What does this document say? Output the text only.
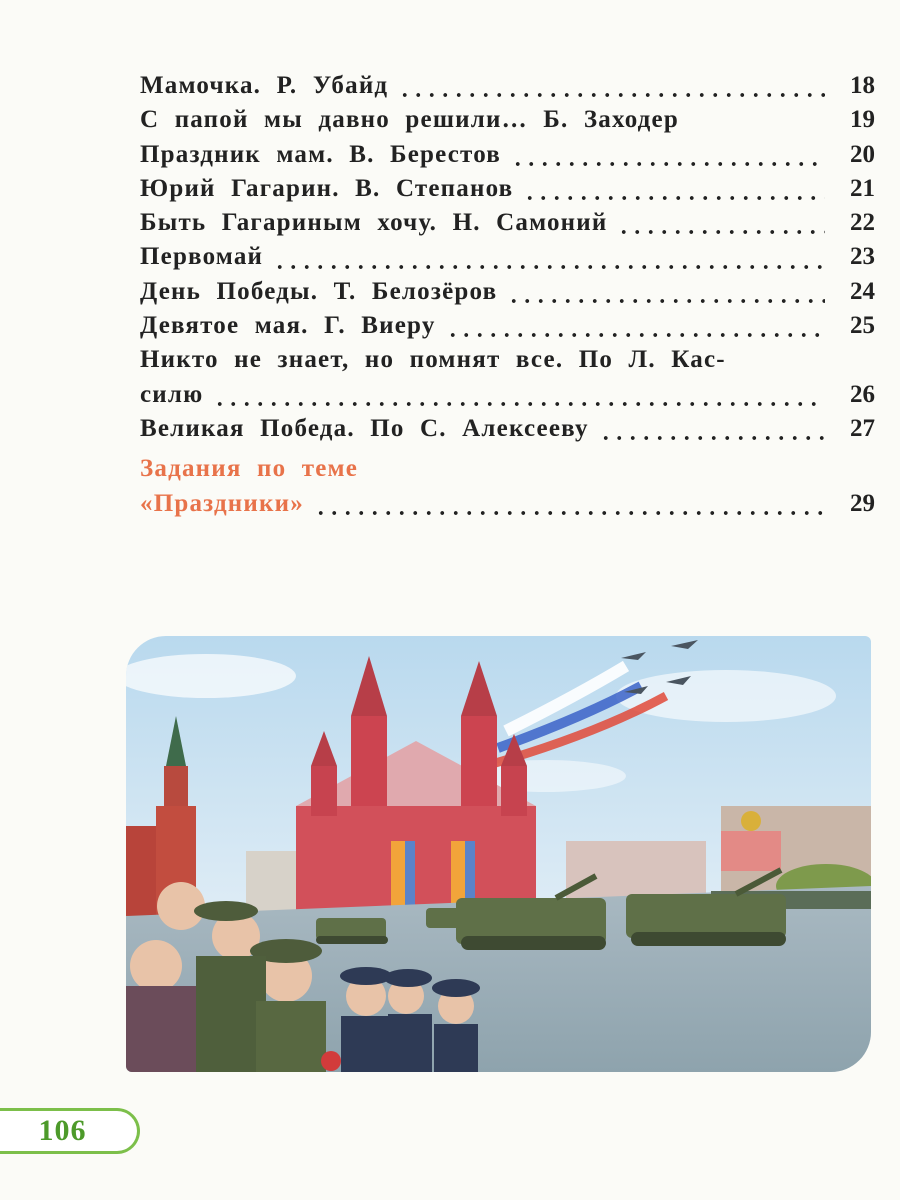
Мамочка. Р. Убайд	18
С папой мы давно решили… Б. Заходер	19
Праздник мам. В. Берестов	20
Юрий Гагарин. В. Степанов	21
Быть Гагариным хочу. Н. Самоний	22
Первомай	23
День Победы. Т. Белозёров	24
Девятое мая. Г. Виеру	25
Никто не знает, но помнят все. По Л. Кас-
силю	26
Великая Победа. По С. Алексееву	27
Задания по теме
«Праздники»	29
106
